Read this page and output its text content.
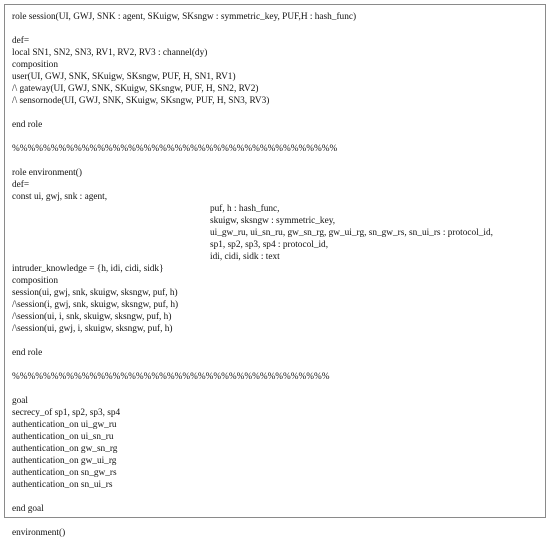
role session(UI, GWJ, SNK : agent, SKuigw, SKsngw : symmetric_key, PUF,H : hash_func)
def=
local SN1, SN2, SN3, RV1, RV2, RV3 : channel(dy)
composition
user(UI, GWJ, SNK, SKuigw, SKsngw, PUF, H, SN1, RV1)
/\ gateway(UI, GWJ, SNK, SKuigw, SKsngw, PUF, H, SN2, RV2)
/\ sensornode(UI, GWJ, SNK, SKuigw, SKsngw, PUF, H, SN3, RV3)
end role
%%%%%%%%%%%%%%%%%%%%%%%%%%%%%%%%%%%%%%%%%%
role environment()
def=
const ui, gwj, snk : agent,
puf, h : hash_func,
skuigw, sksngw : symmetric_key,
ui_gw_ru, ui_sn_ru, gw_sn_rg, gw_ui_rg, sn_gw_rs, sn_ui_rs : protocol_id,
sp1, sp2, sp3, sp4 : protocol_id,
idi, cidi, sidk : text
intruder_knowledge = {h, idi, cidi, sidk}
composition
session(ui, gwj, snk, skuigw, sksngw, puf, h)
/\session(i, gwj, snk, skuigw, sksngw, puf, h)
/\session(ui, i, snk, skuigw, sksngw, puf, h)
/\session(ui, gwj, i, skuigw, sksngw, puf, h)
end role
%%%%%%%%%%%%%%%%%%%%%%%%%%%%%%%%%%%%%%%%%
goal
secrecy_of sp1, sp2, sp3, sp4
authentication_on ui_gw_ru
authentication_on ui_sn_ru
authentication_on gw_sn_rg
authentication_on gw_ui_rg
authentication_on sn_gw_rs
authentication_on sn_ui_rs
end goal
environment()
